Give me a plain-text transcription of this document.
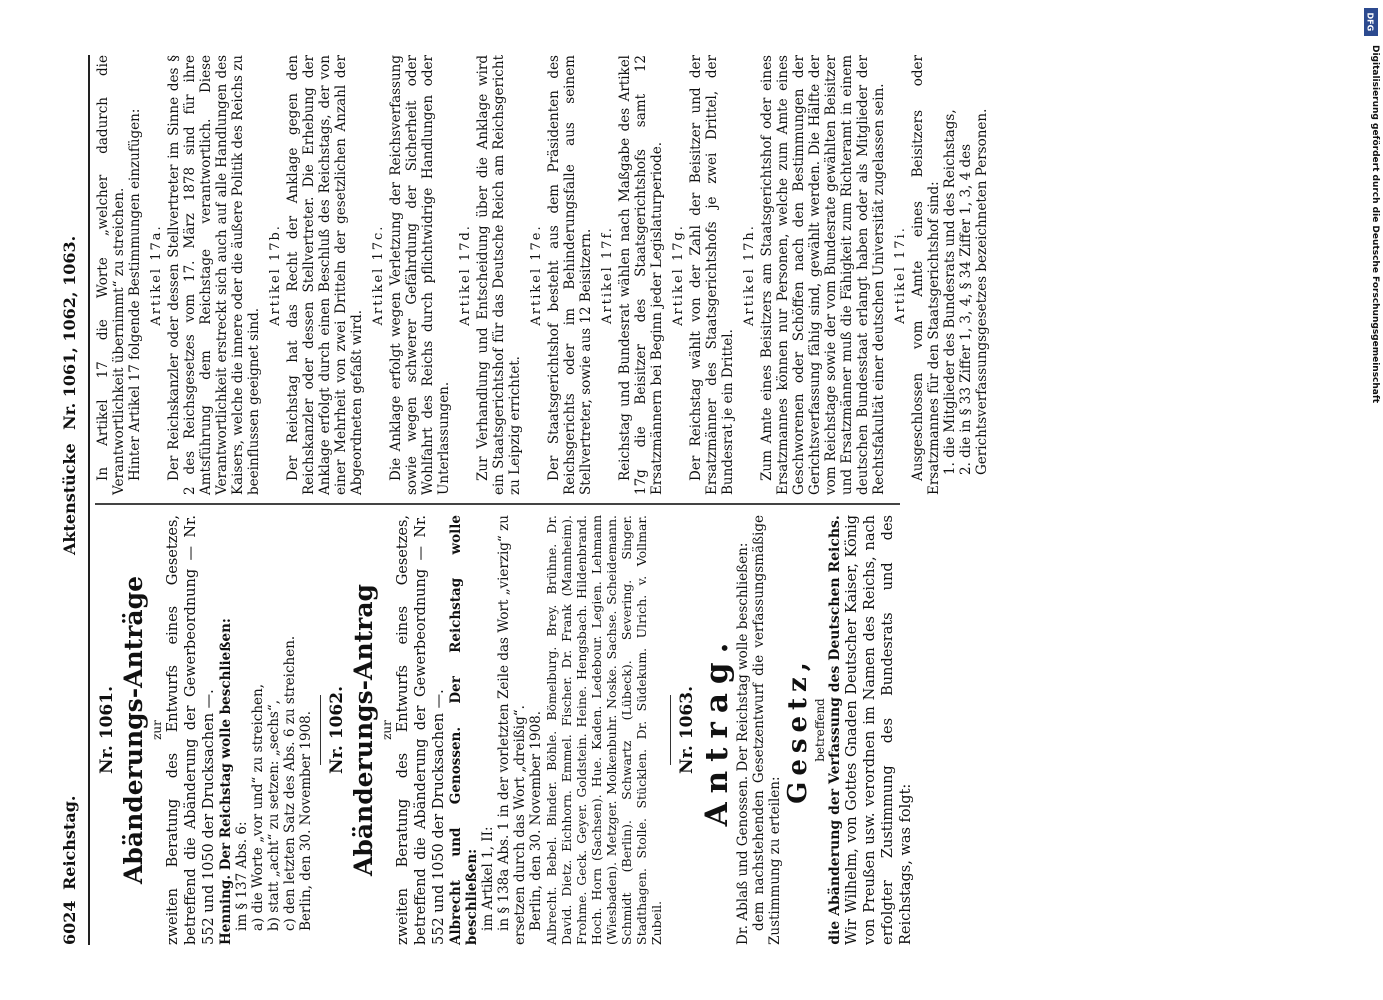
6024
Reichstag.
Aktenstücke
Nr. 1061, 1062, 1063.
Nr. 1061. Abänderungs-Anträge zur zweiten Beratung des Entwurfs eines Gesetzes, betreffend die Abänderung der Gewerbeordnung — Nr. 552 und 1050 der Drucksachen —. Henning. Der Reichstag wolle beschließen: im § 137 Abs. 6: a) die Worte „vor und“ zu streichen, b) statt „acht“ zu setzen: „sechs“, c) den letzten Satz des Abs. 6 zu streichen. Berlin, den 30. November 1908. Nr. 1062. Abänderungs-Antrag zur zweiten Beratung des Entwurfs eines Gesetzes, betreffend die Abänderung der Gewerbeordnung — Nr. 552 und 1050 der Drucksachen —. Albrecht und Genossen. Der Reichstag wolle beschließen: im Artikel 1, II: in § 138a Abs. 1 in der vorletzten Zeile das Wort „vierzig“ zu ersetzen durch das Wort „dreißig“. Berlin, den 30. November 1908. Albrecht. Bebel. Binder. Böhle. Bömelburg. Brey. Brühne. Dr. David. Dietz. Eichhorn. Emmel. Fischer. Dr. Frank (Mannheim). Frohme. Geck. Geyer. Goldstein. Heine. Hengsbach. Hildenbrand. Hoch. Horn (Sachsen). Hue. Kaden. Ledebour. Legien. Lehmann (Wiesbaden). Metzger. Molkenbuhr. Noske. Sachse. Scheidemann. Schmidt (Berlin). Schwartz (Lübeck). Severing. Singer. Stadthagen. Stolle. Stücklen. Dr. Südekum. Ulrich. v. Vollmar. Zubeil.

Nr. 1063. Antrag. Dr. Ablaß und Genossen. Der Reichstag wolle beschließen: dem nachstehenden Gesetzentwurf die verfassungsmäßige Zustimmung zu erteilen:

Gesetz, betreffend die Abänderung der Verfassung des Deutschen Reichs. Wir Wilhelm, von Gottes Gnaden Deutscher Kaiser, König von Preußen usw. verordnen im Namen des Reichs, nach erfolgter Zustimmung des Bundesrats und des Reichstags, was folgt:

In Artikel 17 die Worte „welcher dadurch die Verantwortlichkeit übernimmt“ zu streichen. Hinter Artikel 17 folgende Bestimmungen einzufügen: Artikel 17a. Der Reichskanzler oder dessen Stellvertreter im Sinne des § 2 des Reichsgesetzes vom 17. März 1878 sind für ihre Amtsführung dem Reichstage verantwortlich. Diese Verantwortlichkeit erstreckt sich auch auf alle Handlungen des Kaisers, welche die innere oder die äußere Politik des Reichs zu beeinflussen geeignet sind.

Artikel 17b. Der Reichstag hat das Recht der Anklage gegen den Reichskanzler oder dessen Stellvertreter. Die Erhebung der Anklage erfolgt durch einen Beschluß des Reichstags, der von einer Mehrheit von zwei Dritteln der gesetzlichen Anzahl der Abgeordneten gefaßt wird.

Artikel 17c. Die Anklage erfolgt wegen Verletzung der Reichsverfassung sowie wegen schwerer Gefährdung der Sicherheit oder Wohlfahrt des Reichs durch pflichtwidrige Handlungen oder Unterlassungen.

Artikel 17d. Zur Verhandlung und Entscheidung über die Anklage wird ein Staatsgerichtshof für das Deutsche Reich am Reichsgericht zu Leipzig errichtet.

Artikel 17e. Der Staatsgerichtshof besteht aus dem Präsidenten des Reichsgerichts oder im Behinderungsfalle aus seinem Stellvertreter, sowie aus 12 Beisitzern. Artikel 17f. Reichstag und Bundesrat wählen nach Maßgabe des Artikel 17g die Beisitzer des Staatsgerichtshofs samt 12 Ersatzmännern bei Beginn jeder Legislaturperiode. Artikel 17g. Der Reichstag wählt von der Zahl der Beisitzer und der Ersatzmänner des Staatsgerichtshofs je zwei Drittel, der Bundesrat je ein Drittel.

Artikel 17h. Zum Amte eines Beisitzers am Staatsgerichtshof oder eines Ersatzmannes können nur Personen, welche zum Amte eines Geschworenen oder Schöffen nach den Bestimmungen der Gerichtsverfassung fähig sind, gewählt werden. Die Hälfte der vom Reichstage sowie der vom Bundesrate gewählten Beisitzer und Ersatzmänner muß die Fähigkeit zum Richteramt in einem deutschen Bundesstaat erlangt haben oder als Mitglieder der Rechtsfakultät einer deutschen Universität zugelassen sein. Artikel 17i. Ausgeschlossen vom Amte eines Beisitzers oder Ersatzmannes für den Staatsgerichtshof sind: 1. die Mitglieder des Bundesrats und des Reichstags, 2. die in § 33 Ziffer 1, 3, 4, § 34 Ziffer 1, 3, 4 des Gerichtsverfassungsgesetzes bezeichneten Personen.

DFG
Digitalisierung gefördert durch die Deutsche Forschungsgemeinschaft
